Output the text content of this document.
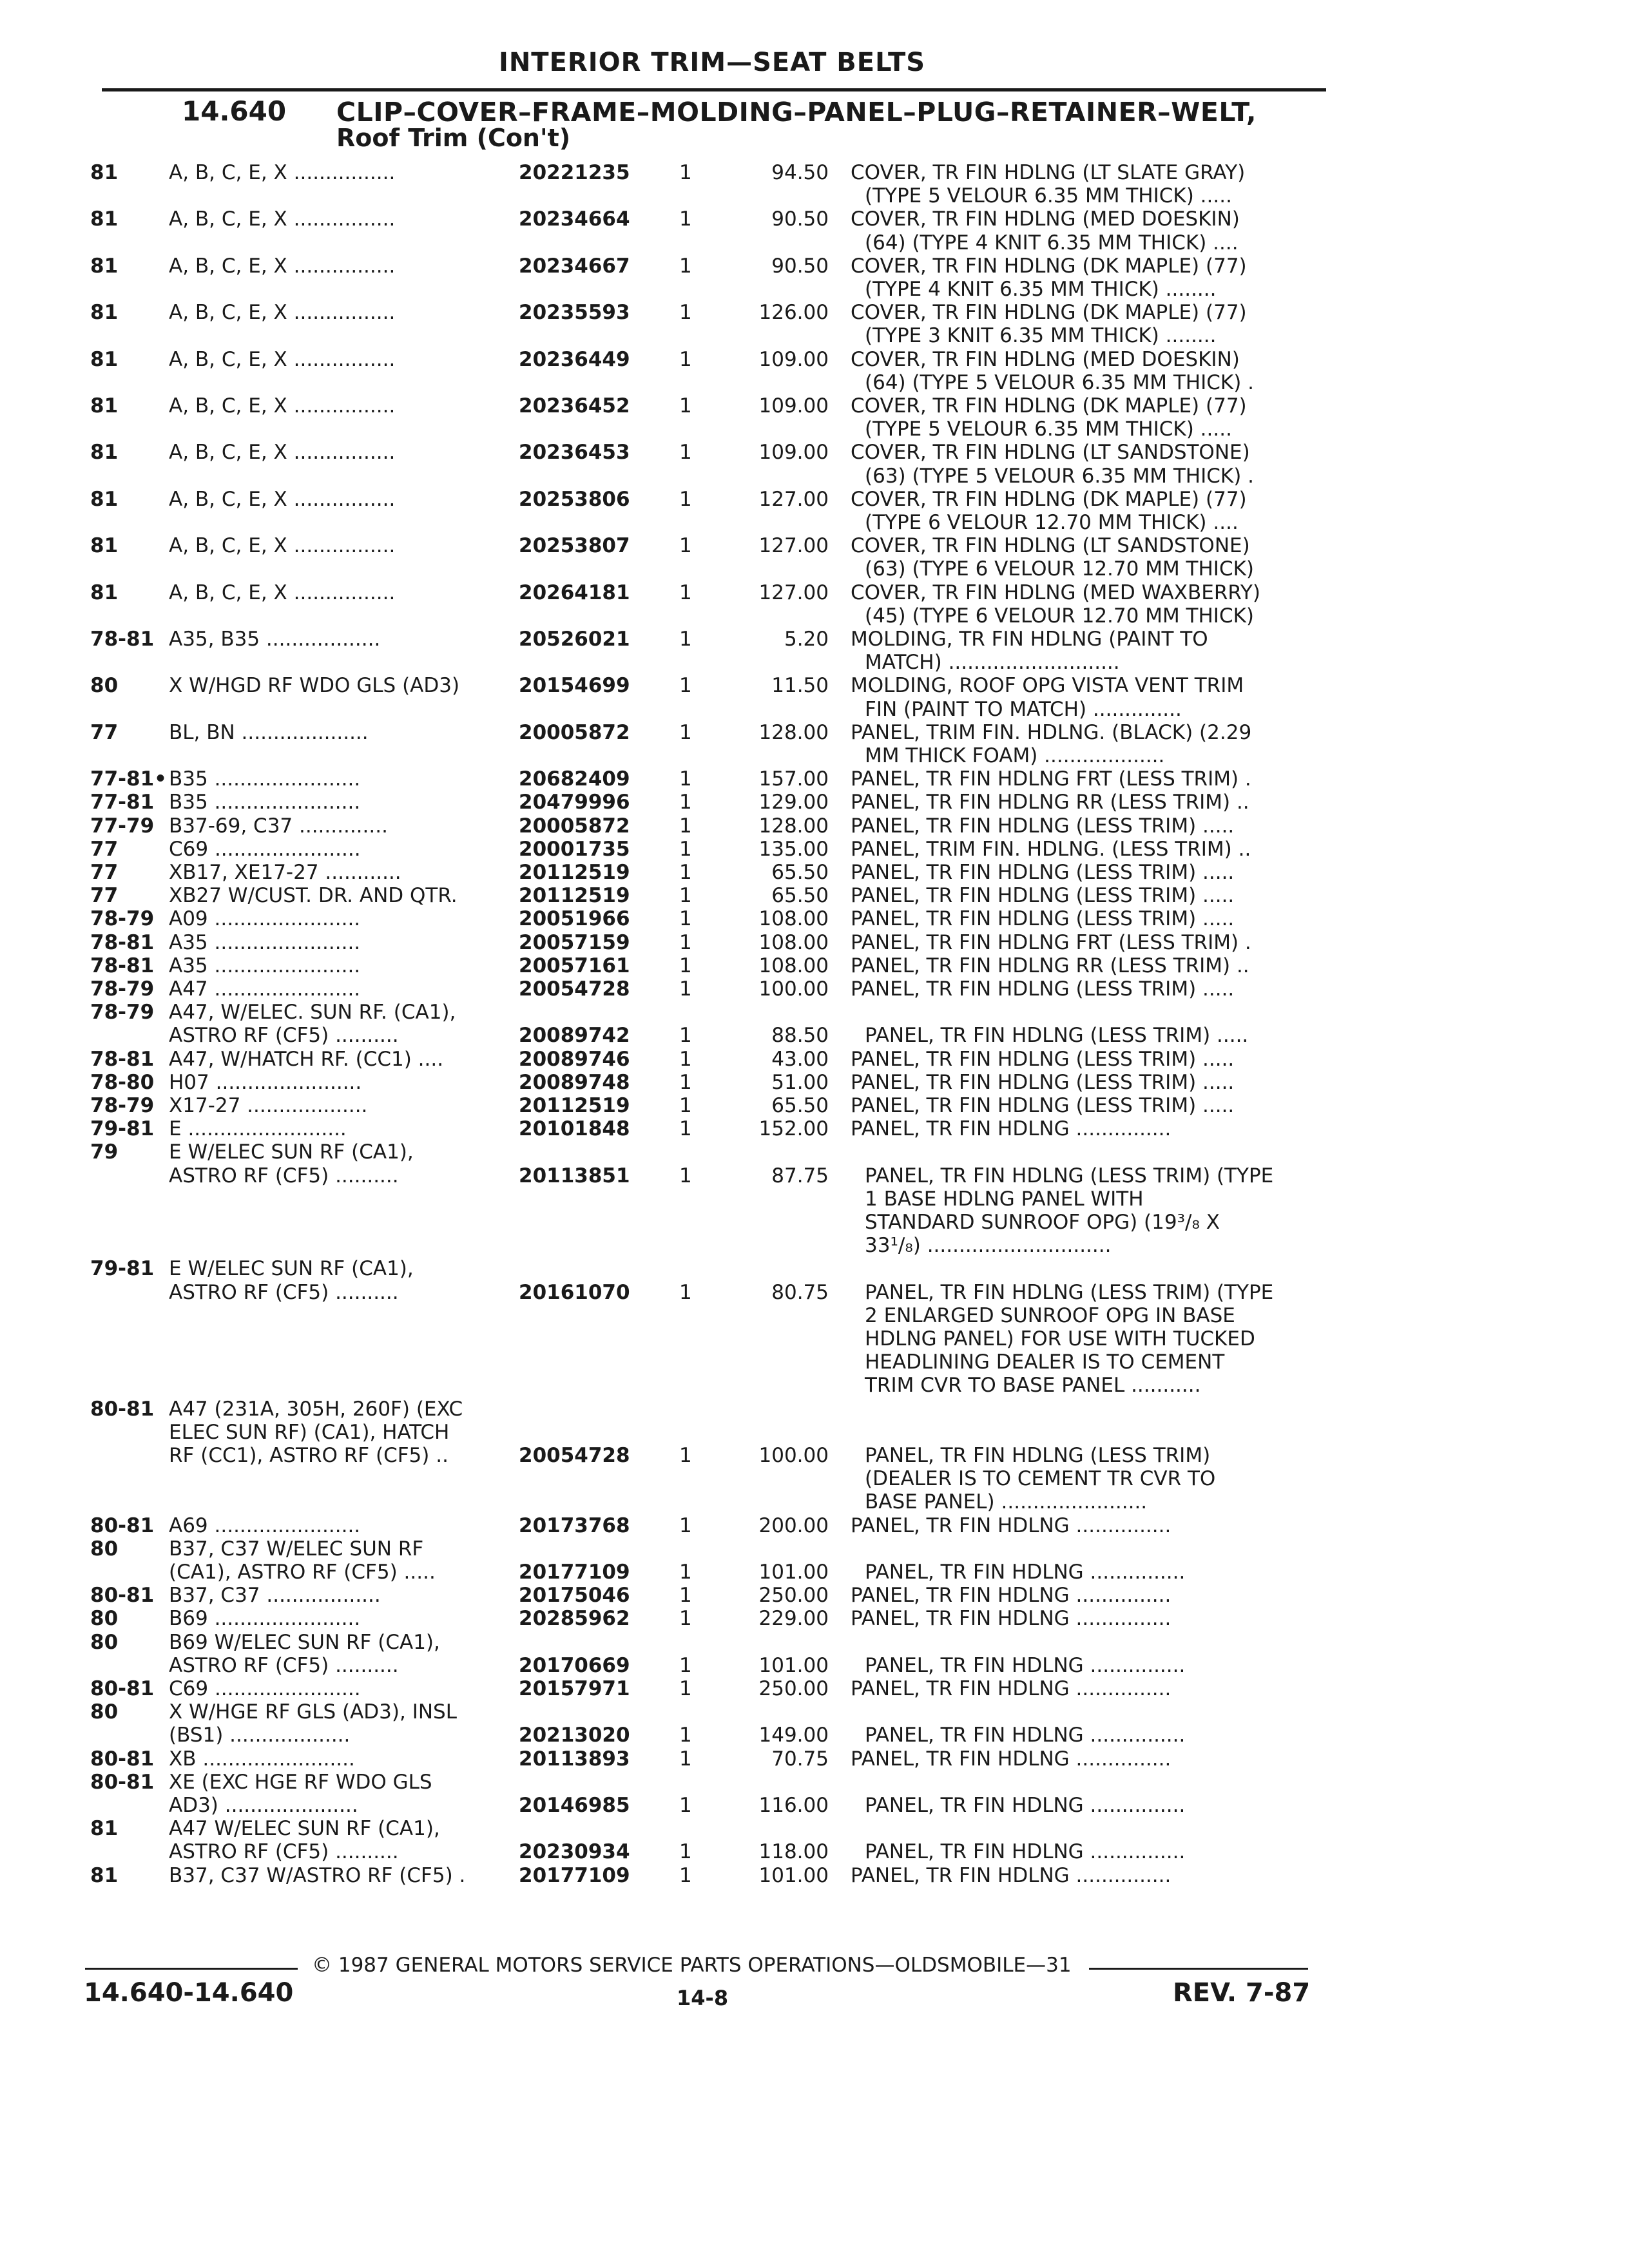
INTERIOR TRIM—SEAT BELTS
14.640 CLIP–COVER–FRAME–MOLDING–PANEL–PLUG–RETAINER–WELT,
Roof Trim (Con't)
81	A, B, C, E, X ................	20221235 1	94.50 COVER, TR FIN HDLNG (LT SLATE GRAY)
(TYPE 5 VELOUR 6.35 MM THICK) .....
81	A, B, C, E, X ................	20234664 1	90.50 COVER, TR FIN HDLNG (MED DOESKIN)
(64) (TYPE 4 KNIT 6.35 MM THICK) ....
81	A, B, C, E, X ................	20234667 1	90.50 COVER, TR FIN HDLNG (DK MAPLE) (77)
(TYPE 4 KNIT 6.35 MM THICK) ........
81	A, B, C, E, X ................	20235593 1	126.00 COVER, TR FIN HDLNG (DK MAPLE) (77)
(TYPE 3 KNIT 6.35 MM THICK) ........
81	A, B, C, E, X ................	20236449 1	109.00 COVER, TR FIN HDLNG (MED DOESKIN)
(64) (TYPE 5 VELOUR 6.35 MM THICK) .
81	A, B, C, E, X ................	20236452 1	109.00 COVER, TR FIN HDLNG (DK MAPLE) (77)
(TYPE 5 VELOUR 6.35 MM THICK) .....
81	A, B, C, E, X ................	20236453 1	109.00 COVER, TR FIN HDLNG (LT SANDSTONE)
(63) (TYPE 5 VELOUR 6.35 MM THICK) .
81	A, B, C, E, X ................	20253806 1	127.00 COVER, TR FIN HDLNG (DK MAPLE) (77)
(TYPE 6 VELOUR 12.70 MM THICK) ....
81	A, B, C, E, X ................	20253807 1	127.00 COVER, TR FIN HDLNG (LT SANDSTONE)
(63) (TYPE 6 VELOUR 12.70 MM THICK)
81	A, B, C, E, X ................	20264181 1	127.00 COVER, TR FIN HDLNG (MED WAXBERRY)
(45) (TYPE 6 VELOUR 12.70 MM THICK)
78-81 A35, B35 ..................	20526021 1	5.20 MOLDING, TR FIN HDLNG (PAINT TO
MATCH) ...........................
80	X W/HGD RF WDO GLS (AD3)	20154699 1	11.50 MOLDING, ROOF OPG VISTA VENT TRIM
FIN (PAINT TO MATCH) ..............
77	BL, BN ....................	20005872 1	128.00 PANEL, TRIM FIN. HDLNG. (BLACK) (2.29
MM THICK FOAM) ...................
77-81• B35 .......................	20682409 1	157.00 PANEL, TR FIN HDLNG FRT (LESS TRIM) .
77-81 B35 .......................	20479996 1	129.00 PANEL, TR FIN HDLNG RR (LESS TRIM) ..
77-79 B37-69, C37 ..............	20005872 1	128.00 PANEL, TR FIN HDLNG (LESS TRIM) .....
77	C69 .......................	20001735 1	135.00 PANEL, TRIM FIN. HDLNG. (LESS TRIM) ..
77	XB17, XE17-27 ............	20112519 1	65.50 PANEL, TR FIN HDLNG (LESS TRIM) .....
77	XB27 W/CUST. DR. AND QTR.	20112519 1	65.50 PANEL, TR FIN HDLNG (LESS TRIM) .....
78-79 A09 .......................	20051966 1	108.00 PANEL, TR FIN HDLNG (LESS TRIM) .....
78-81 A35 .......................	20057159 1	108.00 PANEL, TR FIN HDLNG FRT (LESS TRIM) .
78-81 A35 .......................	20057161 1	108.00 PANEL, TR FIN HDLNG RR (LESS TRIM) ..
78-79 A47 .......................	20054728 1	100.00 PANEL, TR FIN HDLNG (LESS TRIM) .....
78-79 A47, W/ELEC. SUN RF. (CA1),
ASTRO RF (CF5) ..........	20089742 1	88.50 PANEL, TR FIN HDLNG (LESS TRIM) .....
78-81 A47, W/HATCH RF. (CC1) ....	20089746 1	43.00 PANEL, TR FIN HDLNG (LESS TRIM) .....
78-80 H07 .......................	20089748 1	51.00 PANEL, TR FIN HDLNG (LESS TRIM) .....
78-79 X17-27 ...................	20112519 1	65.50 PANEL, TR FIN HDLNG (LESS TRIM) .....
79-81 E .........................	20101848 1	152.00 PANEL, TR FIN HDLNG ...............
79	E W/ELEC SUN RF (CA1),
ASTRO RF (CF5) ..........	20113851 1	87.75 PANEL, TR FIN HDLNG (LESS TRIM) (TYPE
1 BASE HDLNG PANEL WITH
STANDARD SUNROOF OPG) (19³/₈ X
33¹/₈) .............................
79-81 E W/ELEC SUN RF (CA1),
ASTRO RF (CF5) ..........	20161070 1	80.75 PANEL, TR FIN HDLNG (LESS TRIM) (TYPE
2 ENLARGED SUNROOF OPG IN BASE
HDLNG PANEL) FOR USE WITH TUCKED
HEADLINING DEALER IS TO CEMENT
TRIM CVR TO BASE PANEL ...........
80-81 A47 (231A, 305H, 260F) (EXC
ELEC SUN RF) (CA1), HATCH
RF (CC1), ASTRO RF (CF5) ..	20054728 1	100.00 PANEL, TR FIN HDLNG (LESS TRIM)
(DEALER IS TO CEMENT TR CVR TO
BASE PANEL) .......................
80-81 A69 .......................	20173768 1	200.00 PANEL, TR FIN HDLNG ...............
80	B37, C37 W/ELEC SUN RF
(CA1), ASTRO RF (CF5) .....	20177109 1	101.00 PANEL, TR FIN HDLNG ...............
80-81 B37, C37 ..................	20175046 1	250.00 PANEL, TR FIN HDLNG ...............
80	B69 .......................	20285962 1	229.00 PANEL, TR FIN HDLNG ...............
80	B69 W/ELEC SUN RF (CA1),
ASTRO RF (CF5) ..........	20170669 1	101.00 PANEL, TR FIN HDLNG ...............
80-81 C69 .......................	20157971 1	250.00 PANEL, TR FIN HDLNG ...............
80	X W/HGE RF GLS (AD3), INSL
(BS1) ...................	20213020 1	149.00 PANEL, TR FIN HDLNG ...............
80-81 XB ........................	20113893 1	70.75 PANEL, TR FIN HDLNG ...............
80-81 XE (EXC HGE RF WDO GLS
AD3) .....................	20146985 1	116.00 PANEL, TR FIN HDLNG ...............
81	A47 W/ELEC SUN RF (CA1),
ASTRO RF (CF5) ..........	20230934 1	118.00 PANEL, TR FIN HDLNG ...............
81	B37, C37 W/ASTRO RF (CF5) .	20177109 1	101.00 PANEL, TR FIN HDLNG ...............
© 1987 GENERAL MOTORS SERVICE PARTS OPERATIONS—OLDSMOBILE—31
14.640-14.640	14-8	REV. 7-87
